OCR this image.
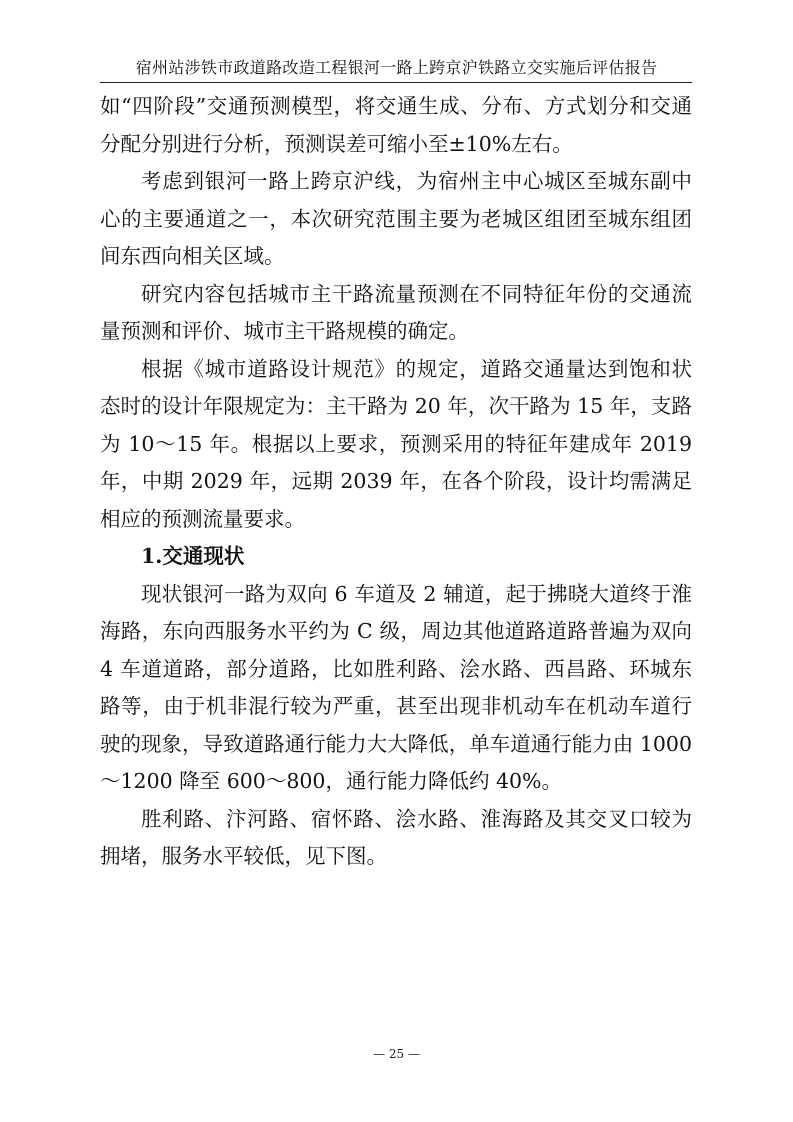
宿州站涉铁市政道路改造工程银河一路上跨京沪铁路立交实施后评估报告

如“四阶段”交通预测模型，将交通生成、分布、方式划分和交通分配分别进行分析，预测误差可缩小至±10%左右。

考虑到银河一路上跨京沪线，为宿州主中心城区至城东副中心的主要通道之一，本次研究范围主要为老城区组团至城东组团间东西向相关区域。

研究内容包括城市主干路流量预测在不同特征年份的交通流量预测和评价、城市主干路规模的确定。

根据《城市道路设计规范》的规定，道路交通量达到饱和状态时的设计年限规定为：主干路为 20 年，次干路为 15 年，支路为 10～15 年。根据以上要求，预测采用的特征年建成年 2019 年，中期 2029 年，远期 2039 年，在各个阶段，设计均需满足相应的预测流量要求。

1.交通现状

现状银河一路为双向 6 车道及 2 辅道，起于拂晓大道终于淮海路，东向西服务水平约为 C 级，周边其他道路道路普遍为双向 4 车道道路，部分道路，比如胜利路、浍水路、西昌路、环城东路等，由于机非混行较为严重，甚至出现非机动车在机动车道行驶的现象，导致道路通行能力大大降低，单车道通行能力由 1000～1200 降至 600～800，通行能力降低约 40%。

胜利路、汴河路、宿怀路、浍水路、淮海路及其交叉口较为拥堵，服务水平较低，见下图。

— 25 —
